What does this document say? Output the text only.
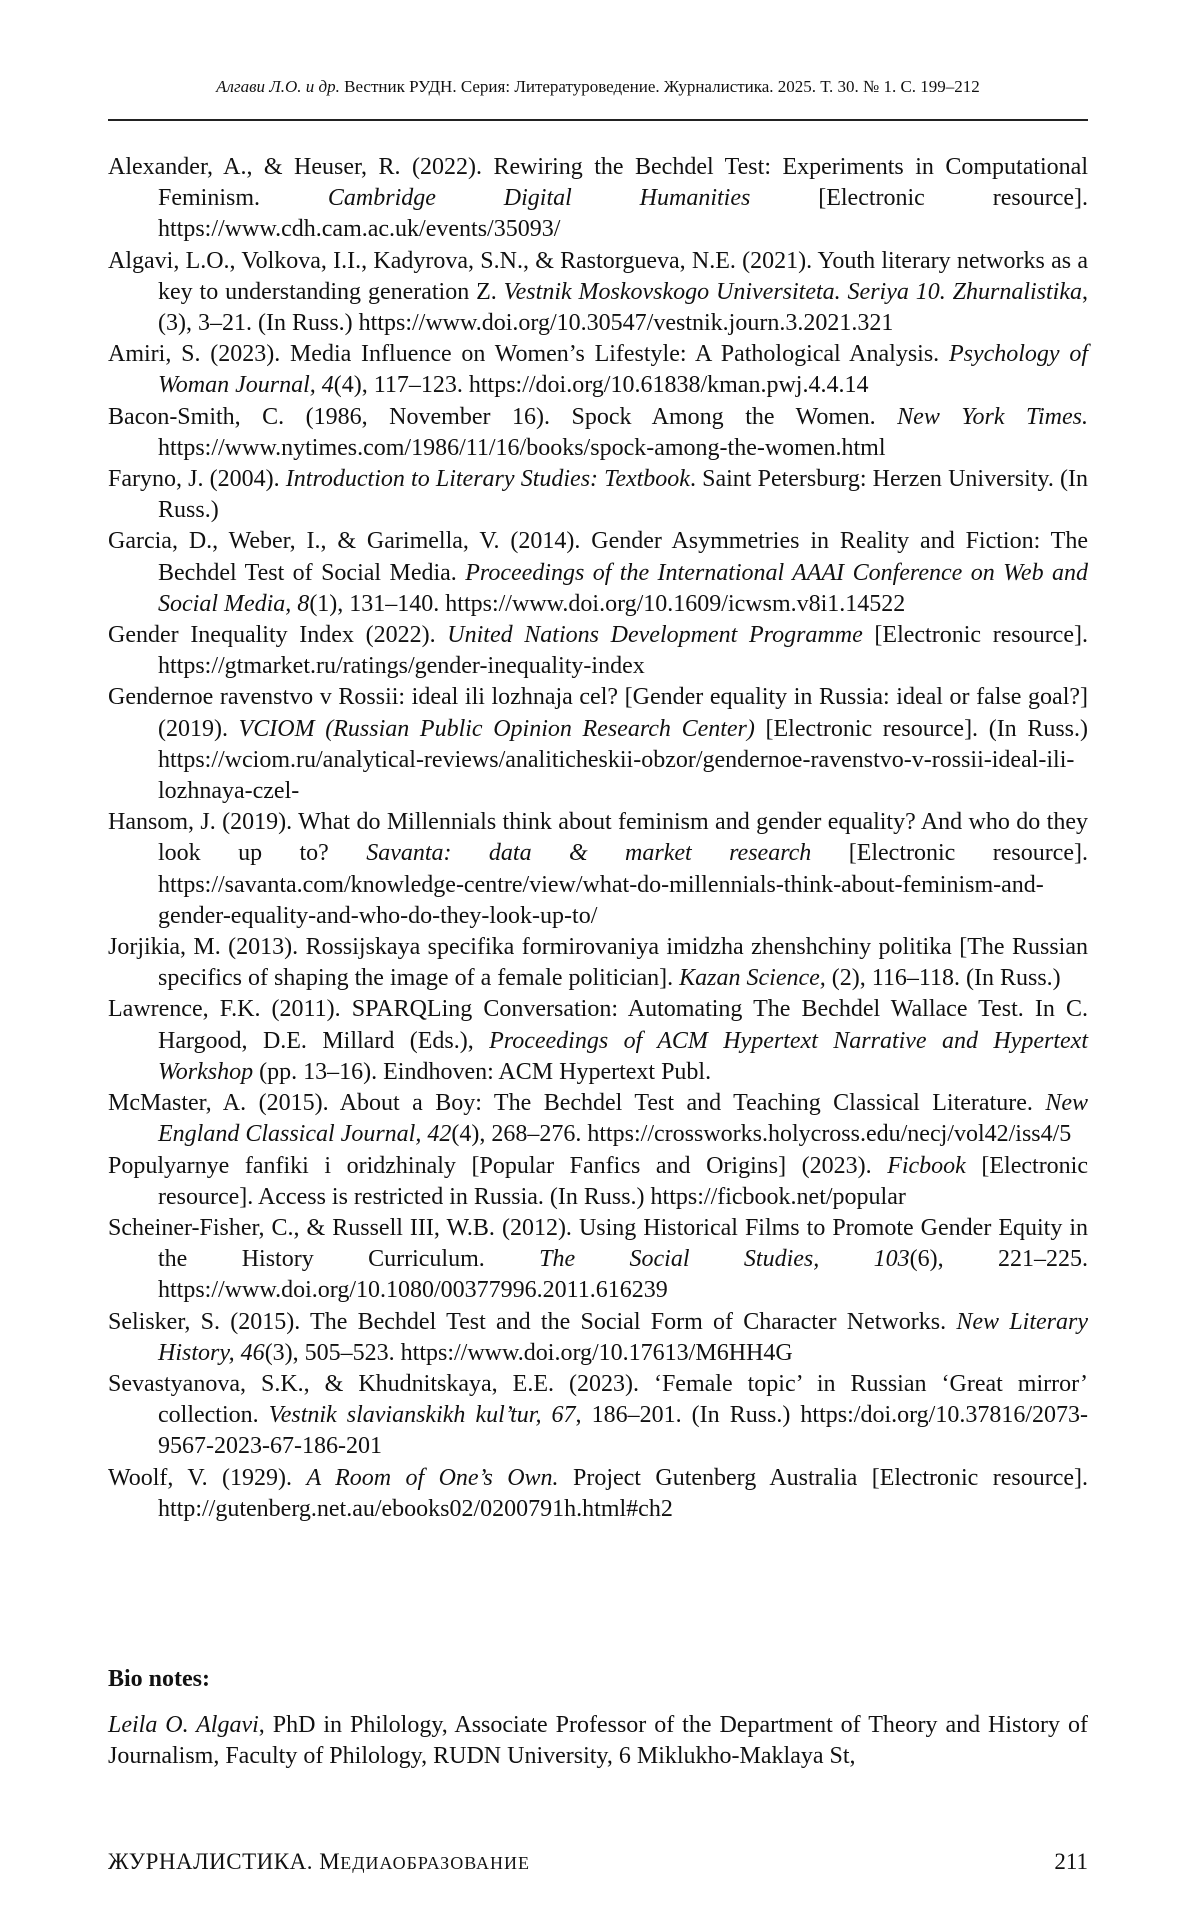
Алгави Л.О. и др. Вестник РУДН. Серия: Литературоведение. Журналистика. 2025. Т. 30. № 1. С. 199–212

Alexander, A., & Heuser, R. (2022). Rewiring the Bechdel Test: Experiments in Computational Feminism. Cambridge Digital Humanities [Electronic resource]. https://www.cdh.cam.ac.uk/events/35093/

Algavi, L.O., Volkova, I.I., Kadyrova, S.N., & Rastorgueva, N.E. (2021). Youth literary networks as a key to understanding generation Z. Vestnik Moskovskogo Universiteta. Seriya 10. Zhurnalistika, (3), 3–21. (In Russ.) https://www.doi.org/10.30547/vestnik.journ.3.2021.321

Amiri, S. (2023). Media Influence on Women’s Lifestyle: A Pathological Analysis. Psychology of Woman Journal, 4(4), 117–123. https://doi.org/10.61838/kman.pwj.4.4.14

Bacon-Smith, C. (1986, November 16). Spock Among the Women. New York Times. https://www.nytimes.com/1986/11/16/books/spock-among-the-women.html

Faryno, J. (2004). Introduction to Literary Studies: Textbook. Saint Petersburg: Herzen University. (In Russ.)

Garcia, D., Weber, I., & Garimella, V. (2014). Gender Asymmetries in Reality and Fiction: The Bechdel Test of Social Media. Proceedings of the International AAAI Conference on Web and Social Media, 8(1), 131–140. https://www.doi.org/10.1609/icwsm.v8i1.14522

Gender Inequality Index (2022). United Nations Development Programme [Electronic resource]. https://gtmarket.ru/ratings/gender-inequality-index

Gendernoe ravenstvo v Rossii: ideal ili lozhnaja cel? [Gender equality in Russia: ideal or false goal?] (2019). VCIOM (Russian Public Opinion Research Center) [Electronic resource]. (In Russ.) https://wciom.ru/analytical-reviews/analiticheskii-obzor/gendernoe-ravenstvo-v-rossii-ideal-ili-lozhnaya-czel-

Hansom, J. (2019). What do Millennials think about feminism and gender equality? And who do they look up to? Savanta: data & market research [Electronic resource]. https://savanta.com/knowledge-centre/view/what-do-millennials-think-about-feminism-and-gender-equality-and-who-do-they-look-up-to/

Jorjikia, M. (2013). Rossijskaya specifika formirovaniya imidzha zhenshchiny politika [The Russian specifics of shaping the image of a female politician]. Kazan Science, (2), 116–118. (In Russ.)

Lawrence, F.K. (2011). SPARQLing Conversation: Automating The Bechdel Wallace Test. In C. Hargood, D.E. Millard (Eds.), Proceedings of ACM Hypertext Narrative and Hypertext Workshop (pp. 13–16). Eindhoven: ACM Hypertext Publ.

McMaster, A. (2015). About a Boy: The Bechdel Test and Teaching Classical Literature. New England Classical Journal, 42(4), 268–276. https://crossworks.holycross.edu/necj/vol42/iss4/5

Populyarnye fanfiki i oridzhinaly [Popular Fanfics and Origins] (2023). Ficbook [Electronic resource]. Access is restricted in Russia. (In Russ.) https://ficbook.net/popular

Scheiner-Fisher, C., & Russell III, W.B. (2012). Using Historical Films to Promote Gender Equity in the History Curriculum. The Social Studies, 103(6), 221–225. https://www.doi.org/10.1080/00377996.2011.616239

Selisker, S. (2015). The Bechdel Test and the Social Form of Character Networks. New Literary History, 46(3), 505–523. https://www.doi.org/10.17613/M6HH4G

Sevastyanova, S.K., & Khudnitskaya, E.E. (2023). ‘Female topic’ in Russian ‘Great mirror’ collection. Vestnik slavianskikh kul’tur, 67, 186–201. (In Russ.) https:/doi.org/10.37816/2073-9567-2023-67-186-201

Woolf, V. (1929). A Room of One’s Own. Project Gutenberg Australia [Electronic resource]. http://gutenberg.net.au/ebooks02/0200791h.html#ch2

Bio notes:

Leila O. Algavi, PhD in Philology, Associate Professor of the Department of Theory and History of Journalism, Faculty of Philology, RUDN University, 6 Miklukho-Maklaya St,

ЖУРНАЛИСТИКА. МЕДИАОБРАЗОВАНИЕ	211
